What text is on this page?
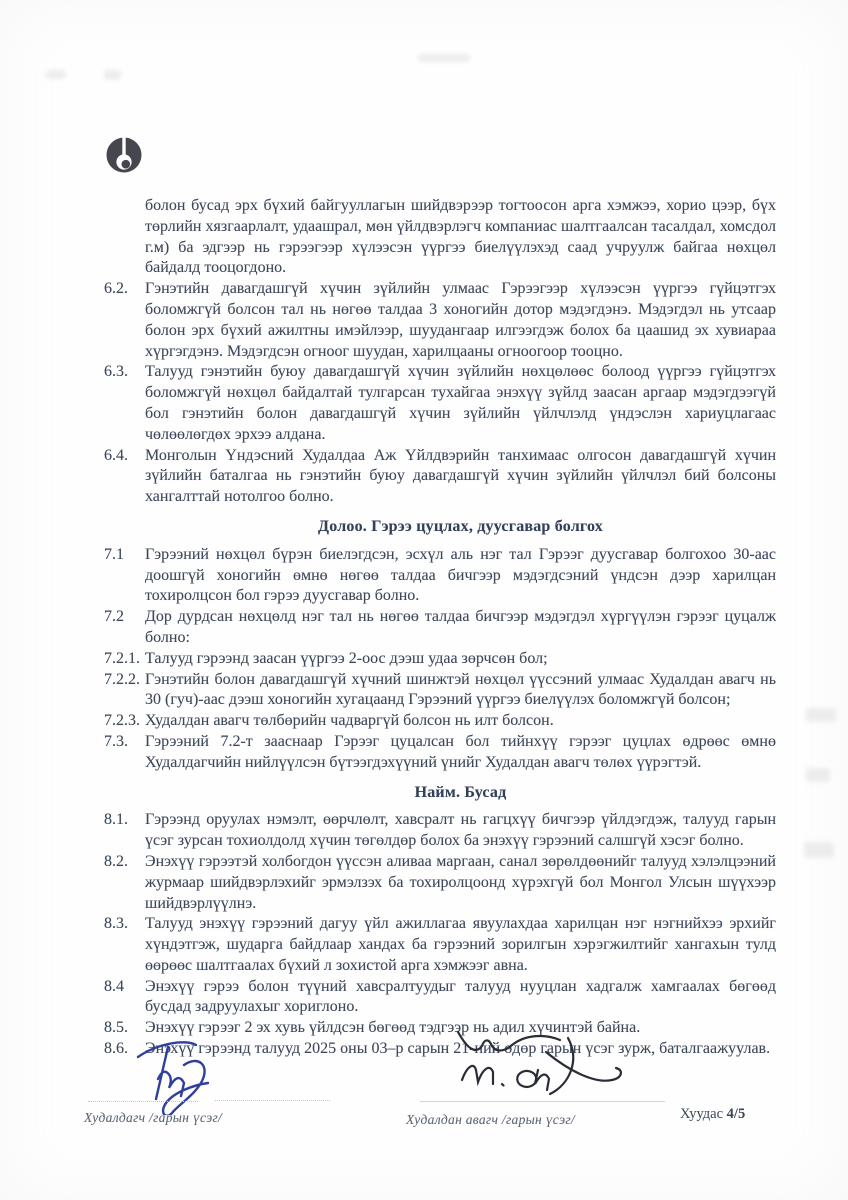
болон бусад эрх бүхий байгууллагын шийдвэрээр тогтоосон арга хэмжээ, хорио цээр, бүх төрлийн хязгаарлалт, удаашрал, мөн үйлдвэрлэгч компаниас шалтгаалсан тасалдал, хомсдол г.м) ба эдгээр нь гэрээгээр хүлээсэн үүргээ биелүүлэхэд саад учруулж байгаа нөхцөл байдалд тооцогдоно.
6.2.	Гэнэтийн давагдашгүй хүчин зүйлийн улмаас Гэрээгээр хүлээсэн үүргээ гүйцэтгэх боломжгүй болсон тал нь нөгөө талдаа 3 хоногийн дотор мэдэгдэнэ. Мэдэгдэл нь утсаар болон эрх бүхий ажилтны имэйлээр, шуудангаар илгээгдэж болох ба цаашид эх хувиараа хүргэгдэнэ. Мэдэгдсэн огноог шуудан, харилцааны огноогоор тооцно.
6.3.	Талууд гэнэтийн буюу давагдашгүй хүчин зүйлийн нөхцөлөөс болоод үүргээ гүйцэтгэх боломжгүй нөхцөл байдалтай тулгарсан тухайгаа энэхүү зүйлд заасан аргаар мэдэгдээгүй бол гэнэтийн болон давагдашгүй хүчин зүйлийн үйлчлэлд үндэслэн хариуцлагаас чөлөөлөгдөх эрхээ алдана.
6.4.	Монголын Үндэсний Худалдаа Аж Үйлдвэрийн танхимаас олгосон давагдашгүй хүчин зүйлийн баталгаа нь гэнэтийн буюу давагдашгүй хүчин зүйлийн үйлчлэл бий болсоны хангалттай нотолгоо болно.
Долоо. Гэрээ цуцлах, дуусгавар болгох
7.1	Гэрээний нөхцөл бүрэн биелэгдсэн, эсхүл аль нэг тал Гэрээг дуусгавар болгохоо 30-аас доошгүй хоногийн өмнө нөгөө талдаа бичгээр мэдэгдсэний үндсэн дээр харилцан тохиролцсон бол гэрээ дуусгавар болно.
7.2	Дор дурдсан нөхцөлд нэг тал нь нөгөө талдаа бичгээр мэдэгдэл хүргүүлэн гэрээг цуцалж болно:
7.2.1. Талууд гэрээнд заасан үүргээ 2-оос дээш удаа зөрчсөн бол;
7.2.2. Гэнэтийн болон давагдашгүй хүчний шинжтэй нөхцөл үүссэний улмаас Худалдан авагч нь 30 (гуч)-аас дээш хоногийн хугацаанд Гэрээний үүргээ биелүүлэх боломжгүй болсон;
7.2.3. Худалдан авагч төлбөрийн чадваргүй болсон нь илт болсон.
7.3.	Гэрээний 7.2-т зааснаар Гэрээг цуцалсан бол тийнхүү гэрээг цуцлах өдрөөс өмнө Худалдагчийн нийлүүлсэн бүтээгдэхүүний үнийг Худалдан авагч төлөх үүрэгтэй.
Найм. Бусад
8.1.	Гэрээнд оруулах нэмэлт, өөрчлөлт, хавсралт нь гагцхүү бичгээр үйлдэгдэж, талууд гарын үсэг зурсан тохиолдолд хүчин төгөлдөр болох ба энэхүү гэрээний салшгүй хэсэг болно.
8.2.	Энэхүү гэрээтэй холбогдон үүссэн аливаа маргаан, санал зөрөлдөөнийг талууд хэлэлцээний журмаар шийдвэрлэхийг эрмэлзэх ба тохиролцоонд хүрэхгүй бол Монгол Улсын шүүхээр шийдвэрлүүлнэ.
8.3.	Талууд энэхүү гэрээний дагуу үйл ажиллагаа явуулахдаа харилцан нэг нэгнийхээ эрхийг хүндэтгэж, шударга байдлаар хандах ба гэрээний зорилгын хэрэгжилтийг хангахын тулд өөрөөс шалтгаалах бүхий л зохистой арга хэмжээг авна.
8.4	Энэхүү гэрээ болон түүний хавсралтуудыг талууд нууцлан хадгалж хамгаалах бөгөөд бусдад задруулахыг хориглоно.
8.5.	Энэхүү гэрээг 2 эх хувь үйлдсэн бөгөөд тэдгээр нь адил хүчинтэй байна.
8.6.	Энэхүү гэрээнд талууд 2025 оны 03–р сарын 21-ний өдөр гарын үсэг зурж, баталгаажуулав.
Худалдагч /гарын үсэг/	Худалдан авагч /гарын үсэг/	Хуудас 4/5
